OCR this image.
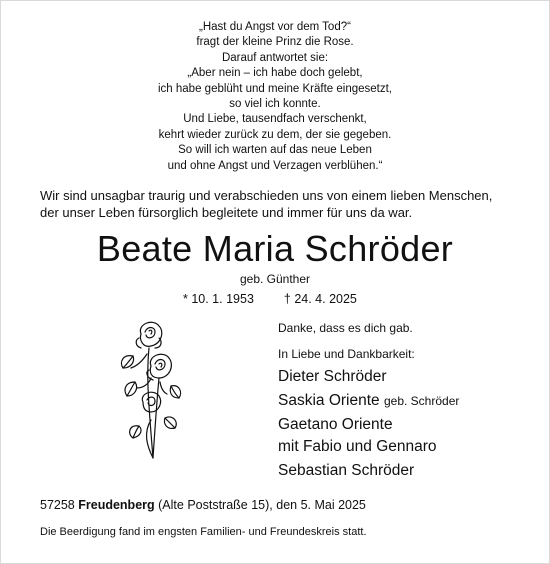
„Hast du Angst vor dem Tod?“
fragt der kleine Prinz die Rose.
Darauf antwortet sie:
„Aber nein – ich habe doch gelebt,
ich habe geblüht und meine Kräfte eingesetzt,
so viel ich konnte.
Und Liebe, tausendfach verschenkt,
kehrt wieder zurück zu dem, der sie gegeben.
So will ich warten auf das neue Leben
und ohne Angst und Verzagen verblühen.“
Wir sind unsagbar traurig und verabschieden uns von einem lieben Menschen,
der unser Leben fürsorglich begleitete und immer für uns da war.
Beate Maria Schröder
geb. Günther
* 10. 1. 1953 † 24. 4. 2025
Danke, dass es dich gab.
In Liebe und Dankbarkeit:
Dieter Schröder
Saskia Oriente geb. Schröder
Gaetano Oriente
mit Fabio und Gennaro
Sebastian Schröder
57258 Freudenberg (Alte Poststraße 15), den 5. Mai 2025
Die Beerdigung fand im engsten Familien- und Freundeskreis statt.
